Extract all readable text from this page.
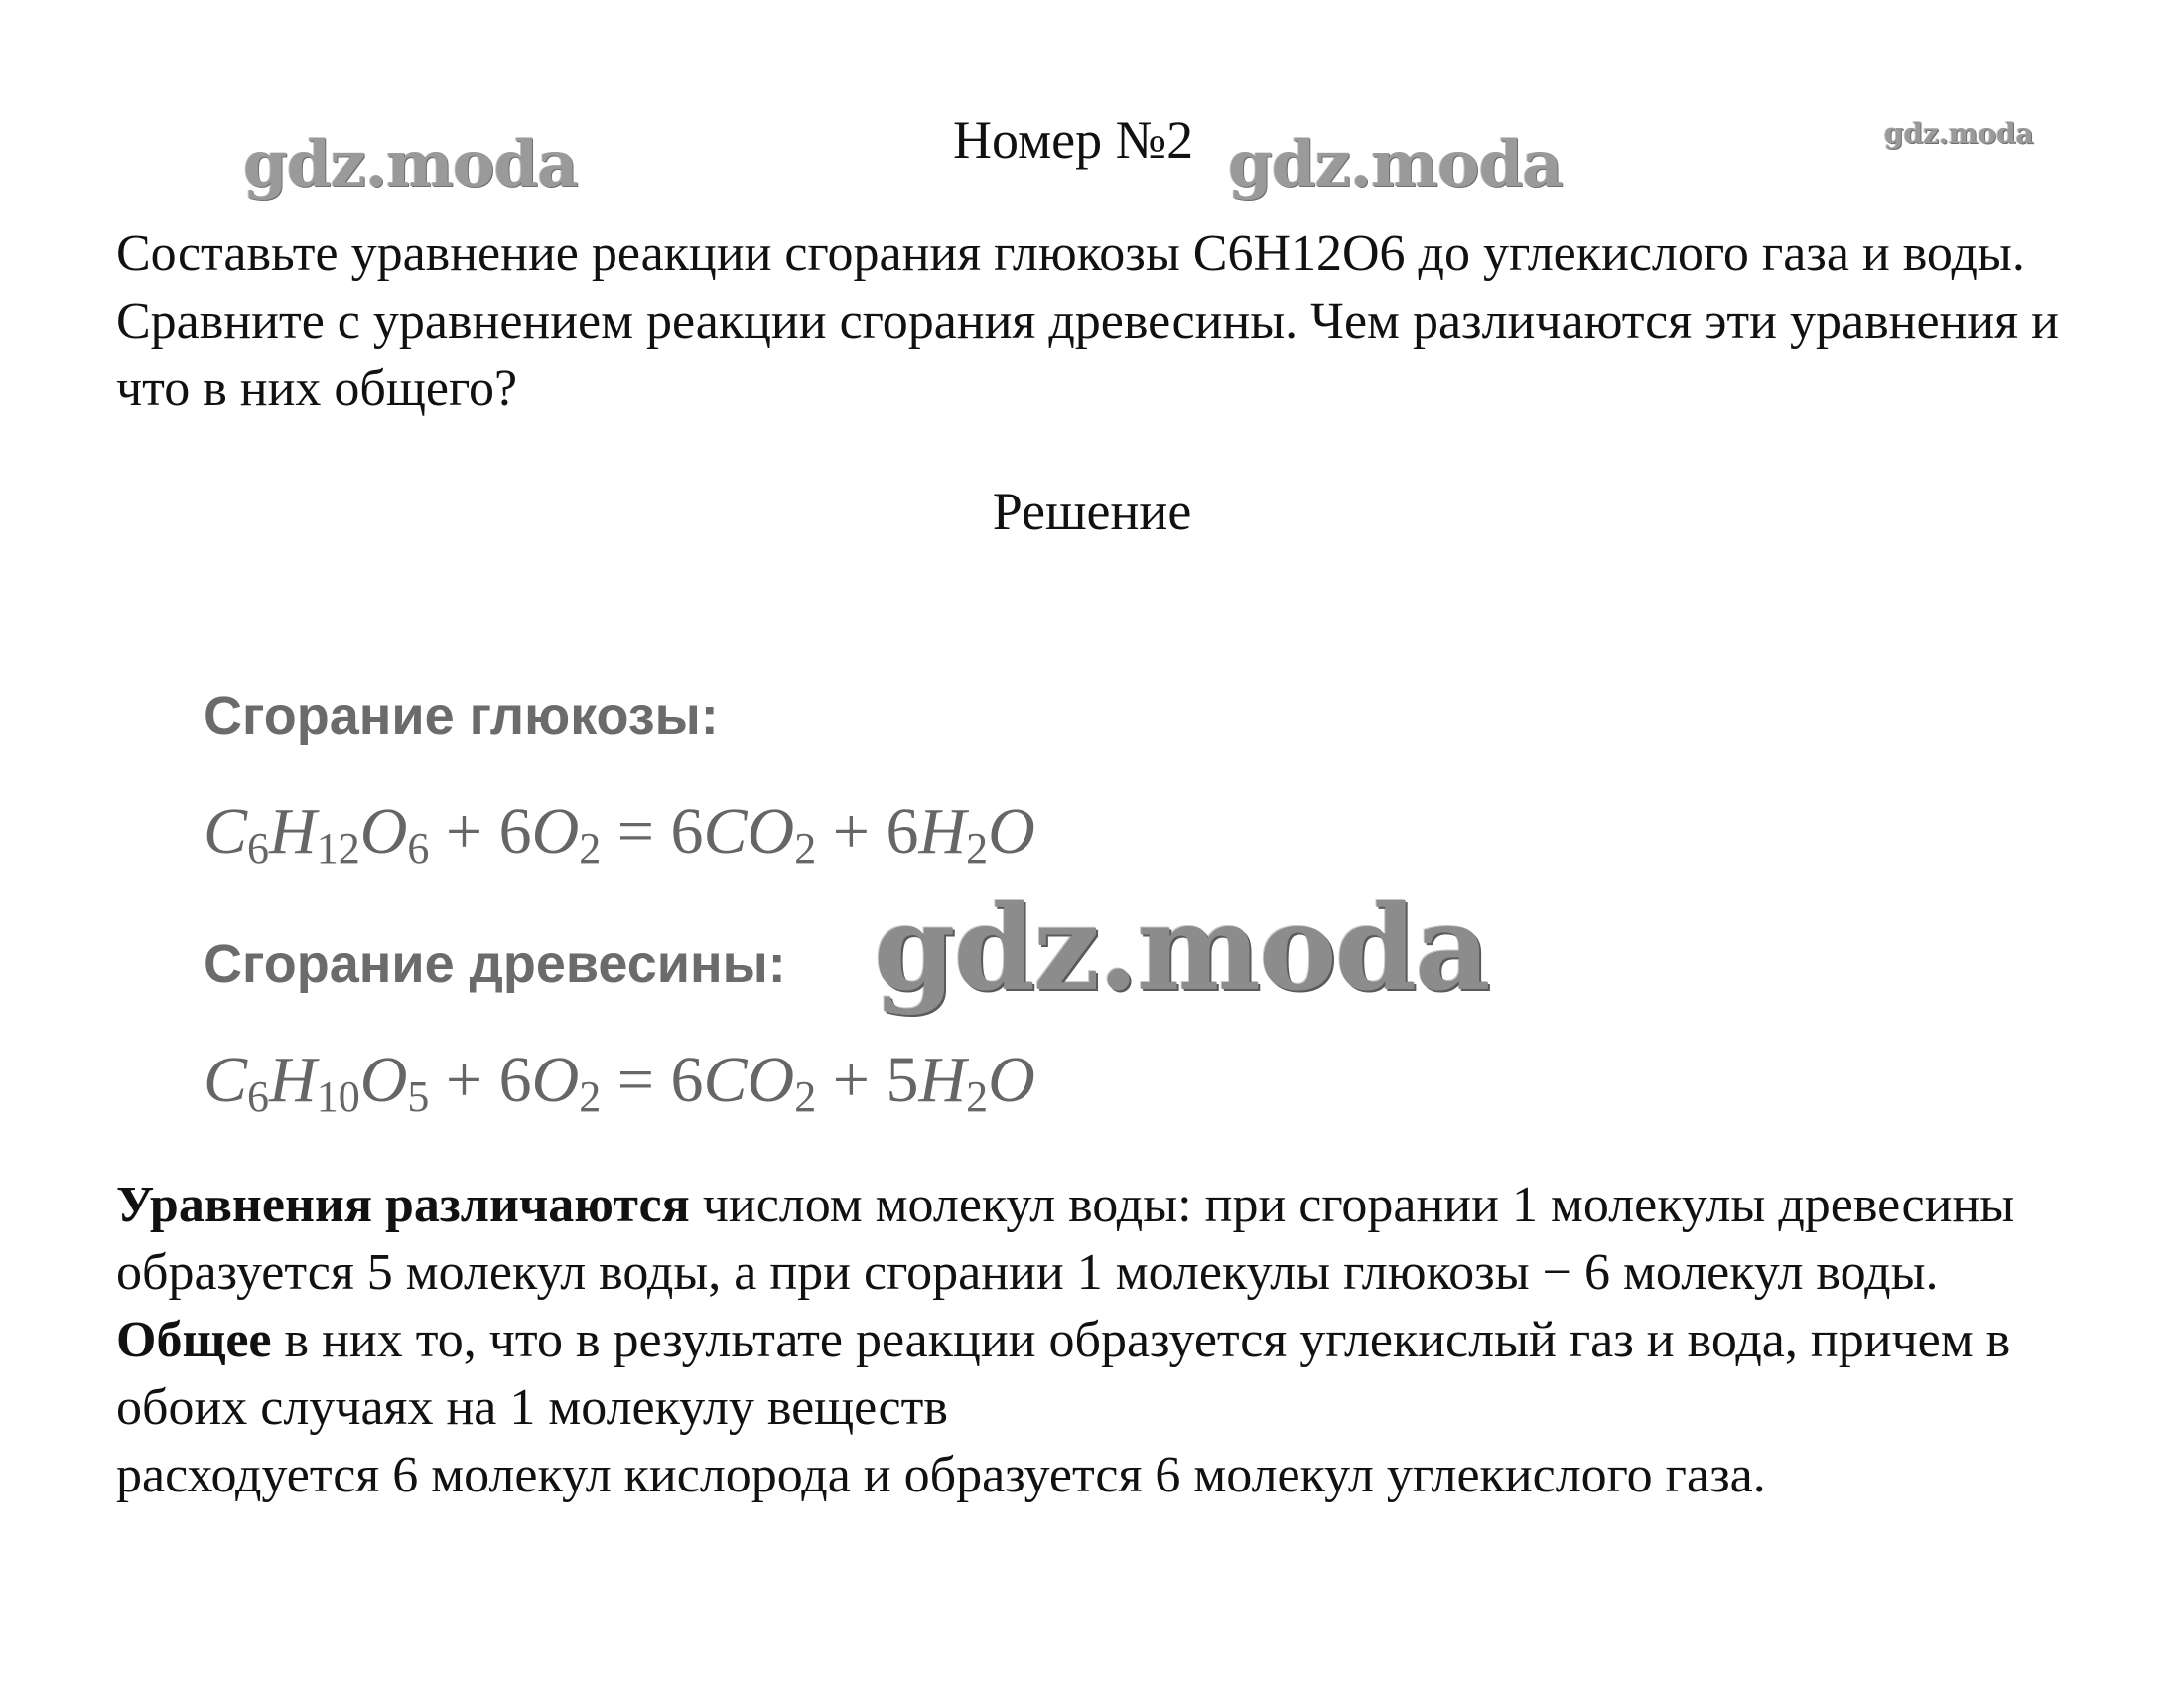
gdz.moda	gdz.moda	gdz.moda
Номер №2
Составьте уравнение реакции сгорания глюкозы С6Н12О6 до углекислого газа и воды. Сравните с уравнением реакции сгорания древесины. Чем различаются эти уравнения и что в них общего?
Решение
Сгорание глюкозы:
$C_6H_{12}O_6 + 6O_2 = 6CO_2 + 6H_2O$
Сгорание древесины:
$C_6H_{10}O_5 + 6O_2 = 6CO_2 + 5H_2O$
gdz.moda

Уравнения различаются числом молекул воды: при сгорании 1 молекулы древесины образуется 5 молекул воды, а при сгорании 1 молекулы глюкозы − 6 молекул воды.

Общее в них то, что в результате реакции образуется углекислый газ и вода, причем в обоих случаях на 1 молекулу веществ

расходуется 6 молекул кислорода и образуется 6 молекул углекислого газа.
